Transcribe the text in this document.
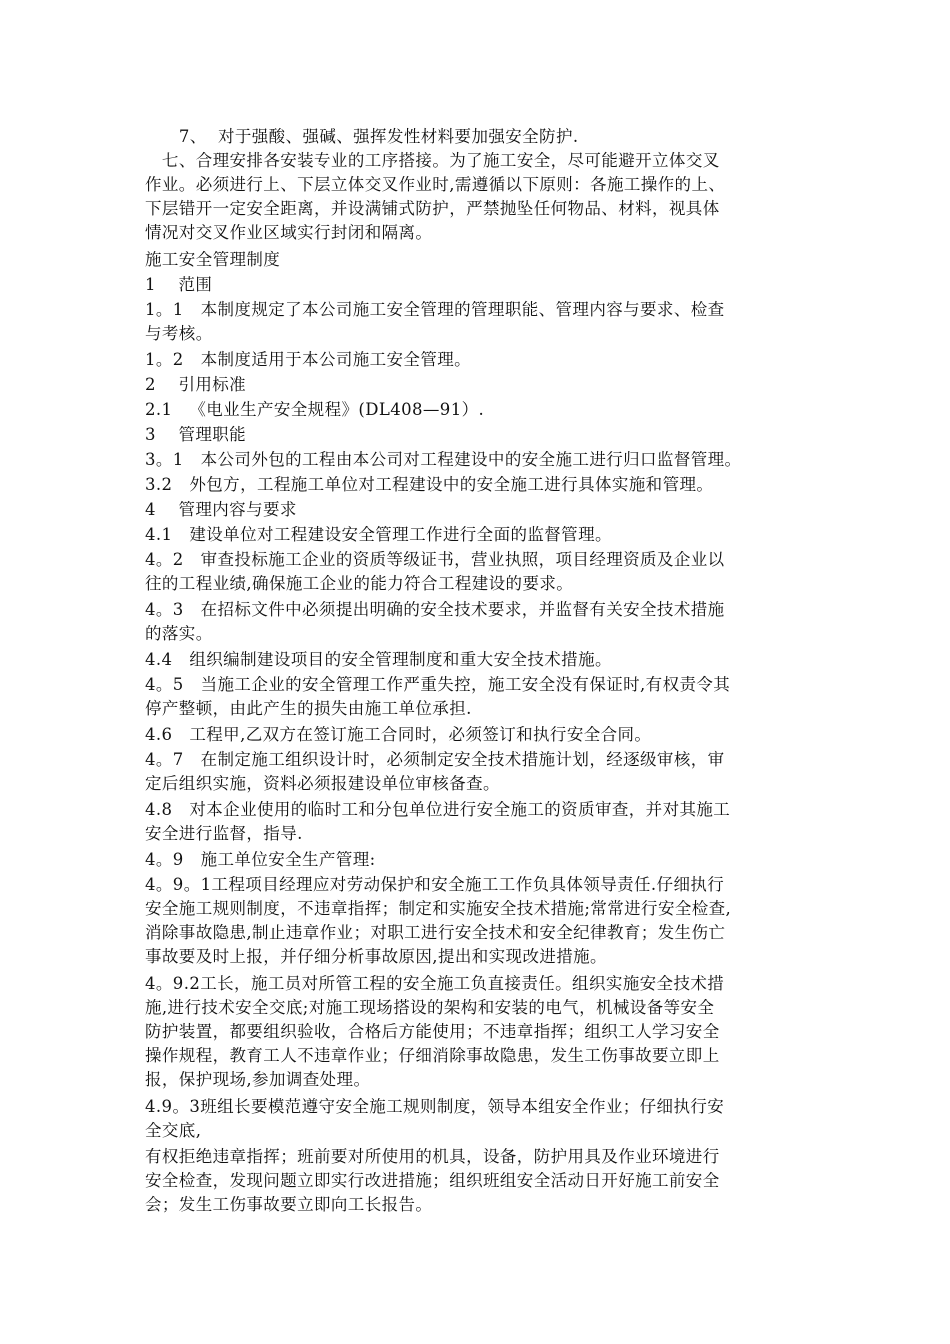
7、  对于强酸、强碱、强挥发性材料要加强安全防护.
七、合理安排各安装专业的工序搭接。为了施工安全，尽可能避开立体交叉
作业。必须进行上、下层立体交叉作业时,需遵循以下原则：各施工操作的上、
下层错开一定安全距离，并设满铺式防护，严禁抛坠任何物品、材料，视具体
情况对交叉作业区域实行封闭和隔离。
施工安全管理制度
1    范围
1。1   本制度规定了本公司施工安全管理的管理职能、管理内容与要求、检查
与考核。
1。2   本制度适用于本公司施工安全管理。
2    引用标准
2.1   《电业生产安全规程》(DL408—91）.
3    管理职能
3。1   本公司外包的工程由本公司对工程建设中的安全施工进行归口监督管理。
3.2   外包方，工程施工单位对工程建设中的安全施工进行具体实施和管理。
4    管理内容与要求
4.1   建设单位对工程建设安全管理工作进行全面的监督管理。
4。2   审查投标施工企业的资质等级证书，营业执照，项目经理资质及企业以
往的工程业绩,确保施工企业的能力符合工程建设的要求。
4。3   在招标文件中必须提出明确的安全技术要求，并监督有关安全技术措施
的落实。
4.4   组织编制建设项目的安全管理制度和重大安全技术措施。
4。5   当施工企业的安全管理工作严重失控，施工安全没有保证时,有权责令其
停产整顿，由此产生的损失由施工单位承担.
4.6   工程甲,乙双方在签订施工合同时，必须签订和执行安全合同。
4。7   在制定施工组织设计时，必须制定安全技术措施计划，经逐级审核，审
定后组织实施，资料必须报建设单位审核备查。
4.8   对本企业使用的临时工和分包单位进行安全施工的资质审查，并对其施工
安全进行监督，指导.
4。9   施工单位安全生产管理:
4。9。1工程项目经理应对劳动保护和安全施工工作负具体领导责任.仔细执行
安全施工规则制度，不违章指挥；制定和实施安全技术措施;常常进行安全检查,
消除事故隐患,制止违章作业；对职工进行安全技术和安全纪律教育；发生伤亡
事故要及时上报，并仔细分析事故原因,提出和实现改进措施。
4。9.2工长，施工员对所管工程的安全施工负直接责任。组织实施安全技术措
施,进行技术安全交底;对施工现场搭设的架构和安装的电气，机械设备等安全
防护装置，都要组织验收，合格后方能使用；不违章指挥；组织工人学习安全
操作规程，教育工人不违章作业；仔细消除事故隐患，发生工伤事故要立即上
报，保护现场,参加调查处理。
4.9。3班组长要模范遵守安全施工规则制度，领导本组安全作业；仔细执行安
全交底,
有权拒绝违章指挥；班前要对所使用的机具，设备，防护用具及作业环境进行
安全检查，发现问题立即实行改进措施；组织班组安全活动日开好施工前安全
会；发生工伤事故要立即向工长报告。
